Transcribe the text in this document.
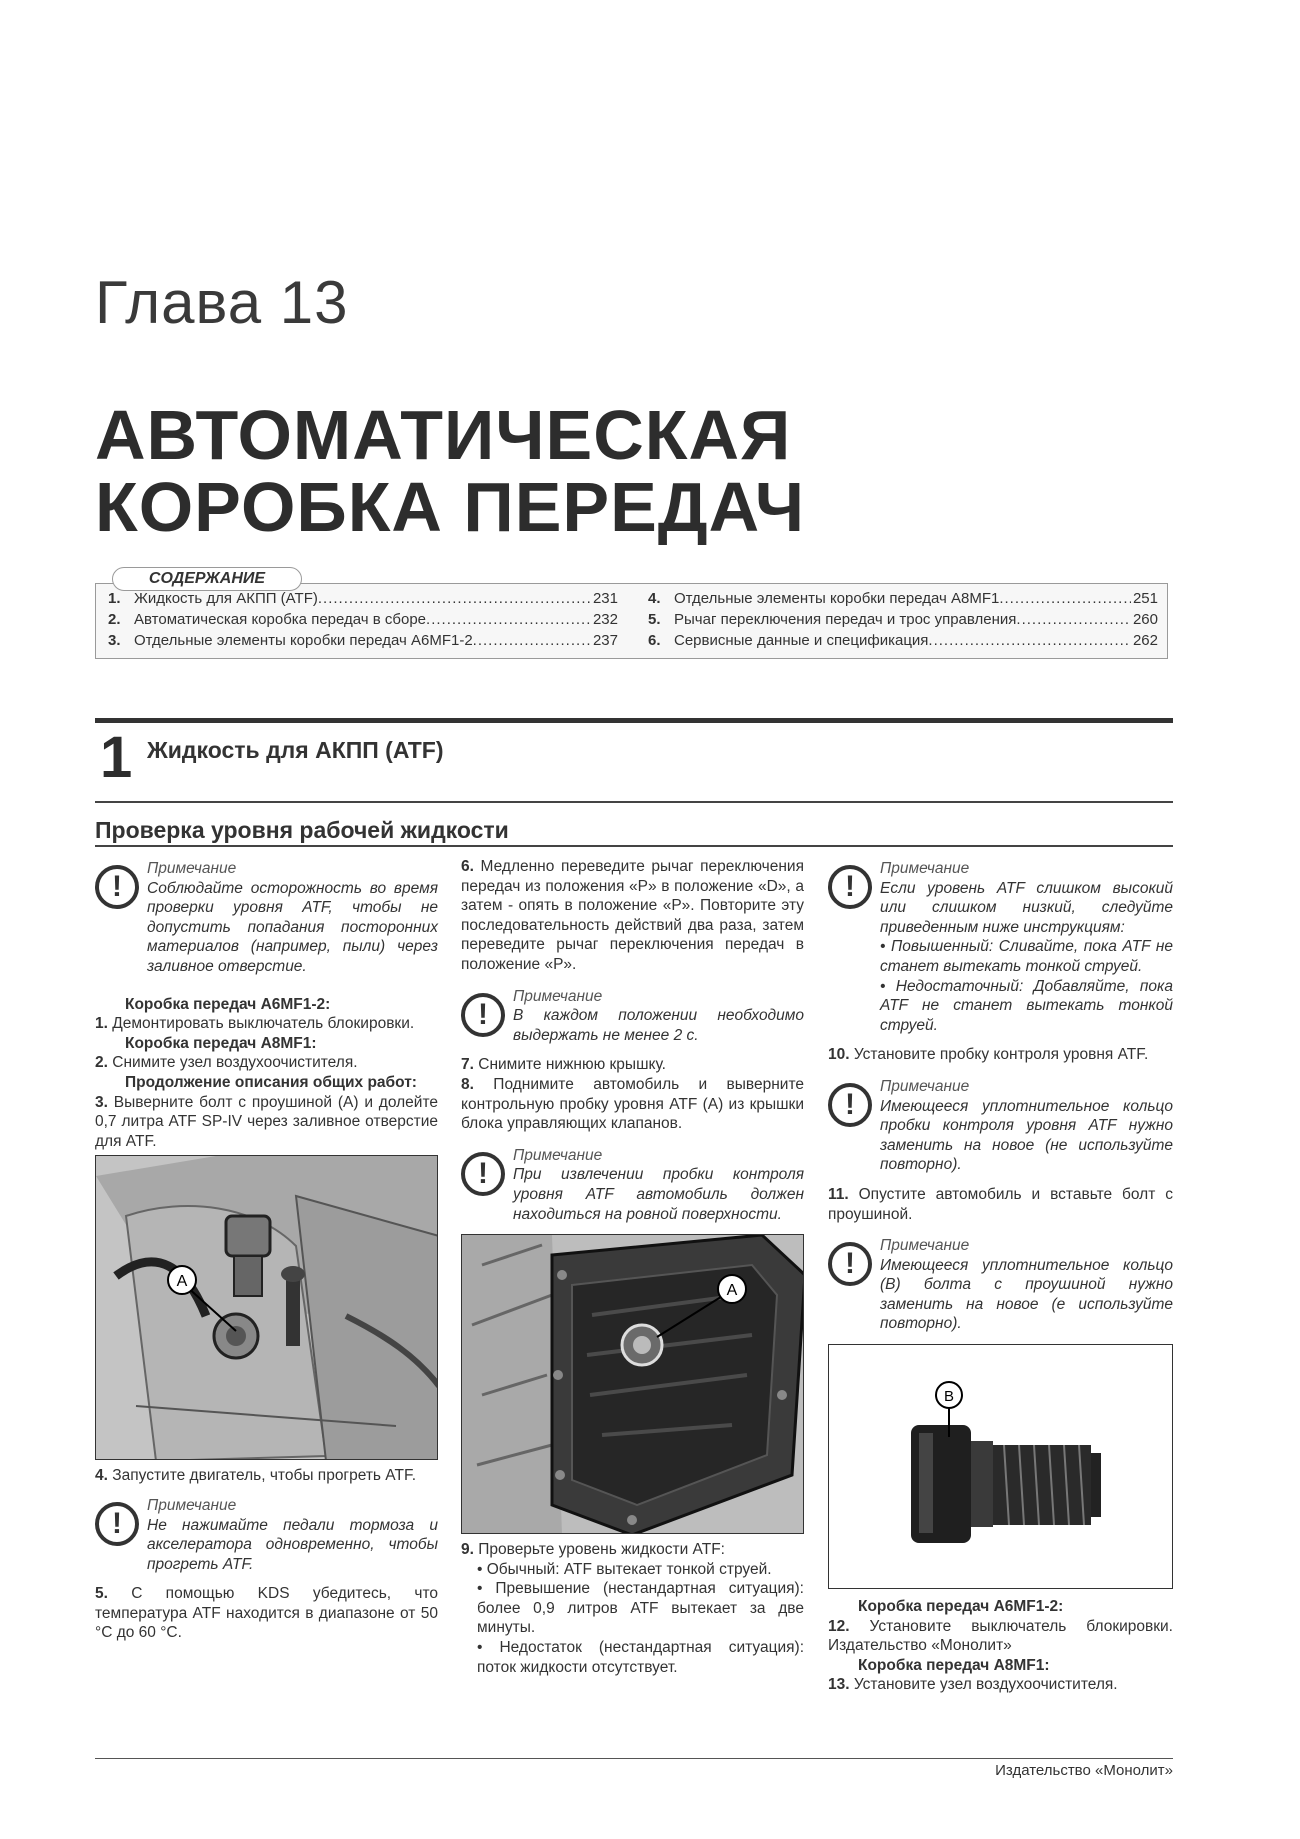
Глава 13
АВТОМАТИЧЕСКАЯ
КОРОБКА ПЕРЕДАЧ
СОДЕРЖАНИЕ
1. Жидкость для АКПП (ATF) .....	231
2. Автоматическая коробка передач в сборе .....	232
3. Отдельные элементы коробки передач A6MF1-2 .....	237
4. Отдельные элементы коробки передач A8MF1 .....	251
5. Рычаг переключения передач и трос управления .....	260
6. Сервисные данные и спецификация .....	262
1 Жидкость для АКПП (ATF)
Проверка уровня рабочей жидкости
!
Примечание
Соблюдайте осторожность во время проверки уровня ATF, чтобы не допустить попадания посторонних материалов (например, пыли) через заливное отверстие.

Коробка передач A6MF1-2:

1. Демонтировать выключатель блокировки.

Коробка передач A8MF1:

2. Снимите узел воздухоочистителя.

Продолжение описания общих работ:

3. Выверните болт с проушиной (A) и долейте 0,7 литра ATF SP-IV через заливное отверстие для ATF.

A

4. Запустите двигатель, чтобы прогреть ATF.

!
Примечание
Не нажимайте педали тормоза и акселератора одновременно, чтобы прогреть ATF.

5. С помощью KDS убедитесь, что температура ATF находится в диапазоне от 50 °C до 60 °C.

6. Медленно переведите рычаг переключения передач из положения «P» в положение «D», а затем - опять в положение «P». Повторите эту последовательность действий два раза, затем переведите рычаг переключения передач в положение «P».

!
Примечание
В каждом положении необходимо выдержать не менее 2 с.

7. Снимите нижнюю крышку.

8. Поднимите автомобиль и выверните контрольную пробку уровня ATF (A) из крышки блока управляющих клапанов.

!
Примечание
При извлечении пробки контроля уровня ATF автомобиль должен находиться на ровной поверхности.
A

9. Проверьте уровень жидкости ATF:

• Обычный: ATF вытекает тонкой струей.

• Превышение (нестандартная ситуация): более 0,9 литров ATF вытекает за две минуты.

• Недостаток (нестандартная ситуация): поток жидкости отсутствует.

!
Примечание
Если уровень ATF слишком высокий или слишком низкий, следуйте приведенным ниже инструкциям:
• Повышенный: Сливайте, пока ATF не станет вытекать тонкой струей.
• Недостаточный: Добавляйте, пока ATF не станет вытекать тонкой струей.

10. Установите пробку контроля уровня ATF.

!
Примечание
Имеющееся уплотнительное кольцо пробки контроля уровня ATF нужно заменить на новое (не используйте повторно).

11. Опустите автомобиль и вставьте болт с проушиной.

!
Примечание
Имеющееся уплотнительное кольцо (B) болта с проушиной нужно заменить на новое (е используйте повторно).
B

Коробка передач A6MF1-2:

12. Установите выключатель блокировки. Издательство «Монолит»

Коробка передач A8MF1:

13. Установите узел воздухоочистителя.

Издательство «Монолит»
